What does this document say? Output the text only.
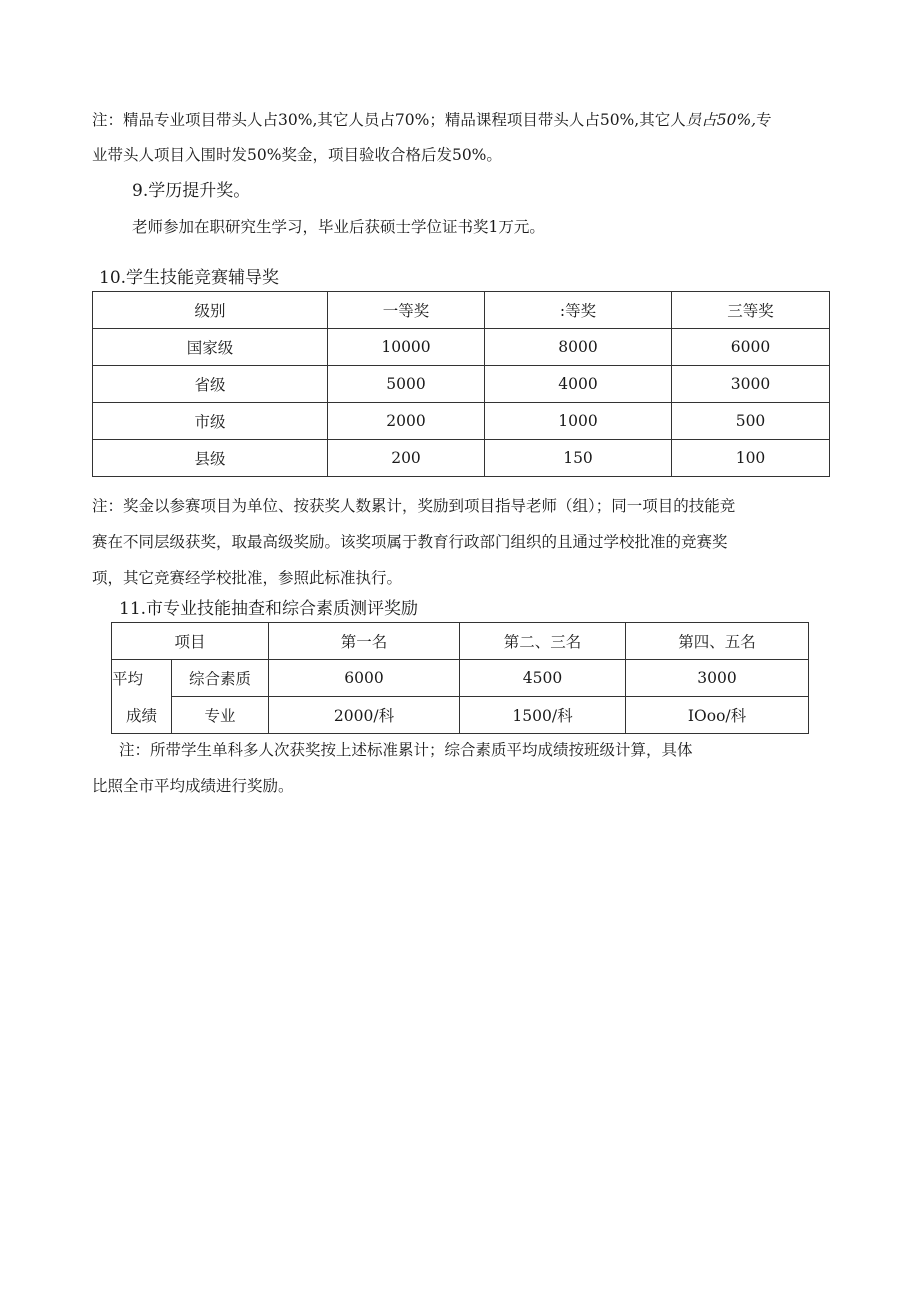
注：精品专业项目带头人占30%,其它人员占70%；精品课程项目带头人占50%,其它人员占50%,专
业带头人项目入围时发50%奖金，项目验收合格后发50%。
9.学历提升奖。
老师参加在职研究生学习，毕业后获硕士学位证书奖1万元。
10.学生技能竞赛辅导奖
级别	一等奖	:等奖	三等奖
国家级	10000	8000	6000
省级	5000	4000	3000
市级	2000	1000	500
县级	200	150	100
注：奖金以参赛项目为单位、按获奖人数累计，奖励到项目指导老师（组）；同一项目的技能竞
赛在不同层级获奖，取最高级奖励。该奖项属于教育行政部门组织的且通过学校批准的竞赛奖
项，其它竞赛经学校批准，参照此标准执行。
11.市专业技能抽查和综合素质测评奖励
项目		第一名	第二、三名	第四、五名
平均	综合素质	6000	4500	3000
成绩	专业	2000/科	1500/科	IOoo/科
注：所带学生单科多人次获奖按上述标准累计；综合素质平均成绩按班级计算，具体
比照全市平均成绩进行奖励。
